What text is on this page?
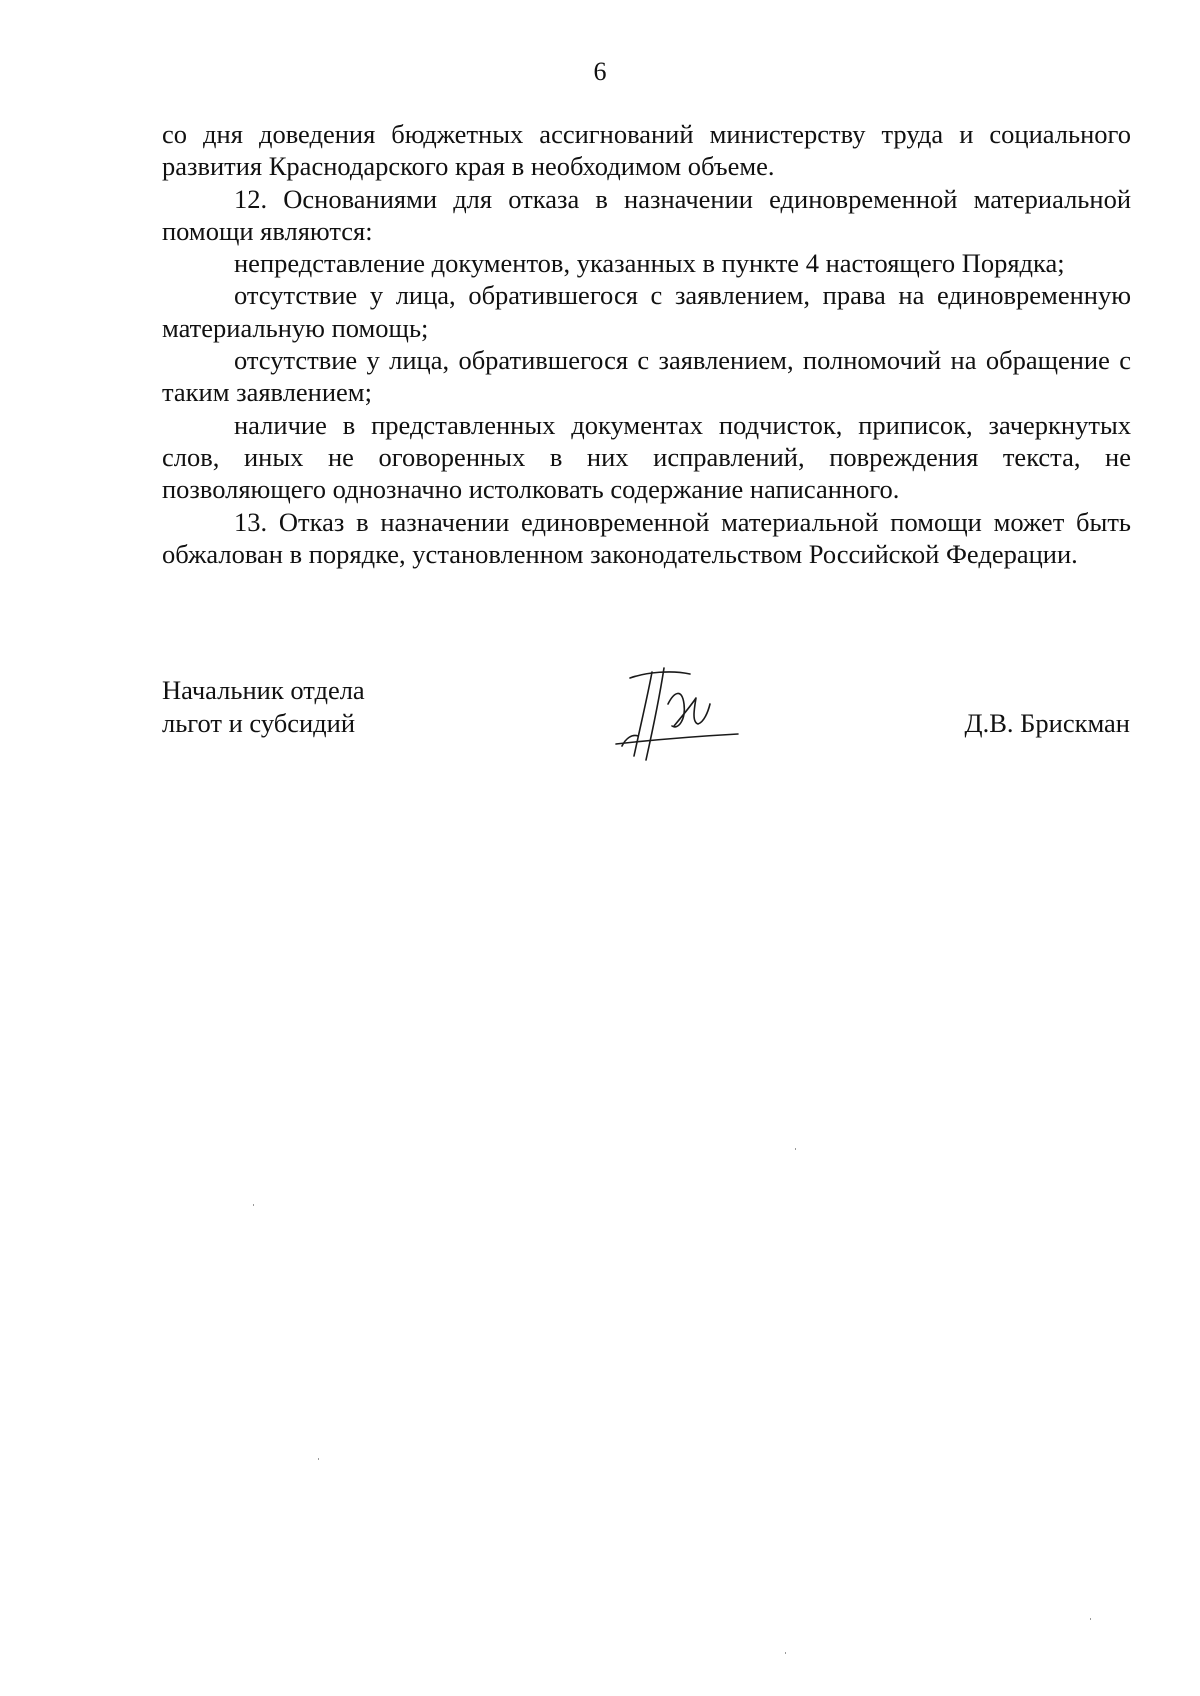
6

со дня доведения бюджетных ассигнований министерству труда и социального развития Краснодарского края в необходимом объеме.

12. Основаниями для отказа в назначении единовременной материальной помощи являются:

непредставление документов, указанных в пункте 4 настоящего Порядка;

отсутствие у лица, обратившегося с заявлением, права на единовременную материальную помощь;

отсутствие у лица, обратившегося с заявлением, полномочий на обращение с таким заявлением;

наличие в представленных документах подчисток, приписок, зачеркнутых слов, иных не оговоренных в них исправлений, повреждения текста, не позволяющего однозначно истолковать содержание написанного.

13. Отказ в назначении единовременной материальной помощи может быть обжалован в порядке, установленном законодательством Российской Федерации.

Начальник отдела
льгот и субсидий	Д.В. Брискман
